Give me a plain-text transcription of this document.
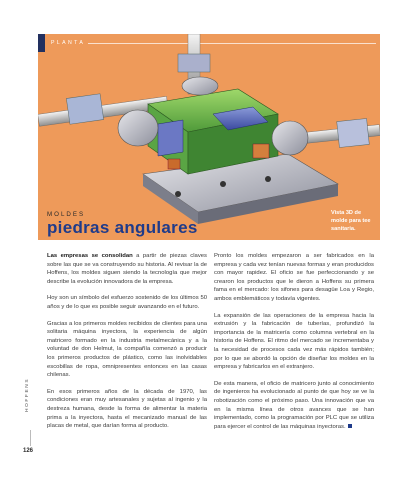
PLANTA
Vista 3D de molde para tee sanitaria.
MOLDES
piedras angulares

Las empresas se consolidan a partir de piezas claves sobre las que se va construyendo su historia. Al revisar la de Hoffens, los moldes siguen siendo la tecnología que mejor describe la evolución innovadora de la empresa.

Hoy son un símbolo del esfuerzo sostenido de los últimos 50 años y de lo que es posible seguir avanzando en el futuro.

Gracias a los primeros moldes recibidos de clientes para una solitaria máquina inyectora, la experiencia de algún matricero formado en la industria metalmecánica y a la voluntad de don Helmut, la compañía comenzó a producir los primeros productos de plástico, como las inolvidables escobillas de ropa, omnipresentes entonces en las casas chilenas.

En esos primeros años de la década de 1970, las condiciones eran muy artesanales y sujetas al ingenio y la destreza humana, desde la forma de alimentar la materia prima a la inyectora, hasta el mecanizado manual de las placas de metal, que darían forma al producto.

Pronto los moldes empezaron a ser fabricados en la empresa y cada vez tenían nuevas formas y eran producidos con mayor rapidez. El oficio se fue perfeccionando y se crearon los productos que le dieron a Hoffens su primera fama en el mercado: los sifones para desagüe Loa y Regio, ambos emblemáticos y todavía vigentes.

La expansión de las operaciones de la empresa hacia la extrusión y la fabricación de tuberías, profundizó la importancia de la matricería como columna vertebral en la historia de Hoffens. El ritmo del mercado se incrementaba y la necesidad de procesos cada vez más rápidos también; por lo que se abordó la opción de diseñar los moldes en la empresa y fabricarlos en el extranjero.

De esta manera, el oficio de matricero junto al conocimiento de ingenieros ha evolucionado al punto de que hoy se ve la robotización como el próximo paso. Una innovación que va en la misma línea de otros avances que se han implementado, como la programación por PLC que se utiliza para ejercer el control de las máquinas inyectoras.

HOFFENS
126
